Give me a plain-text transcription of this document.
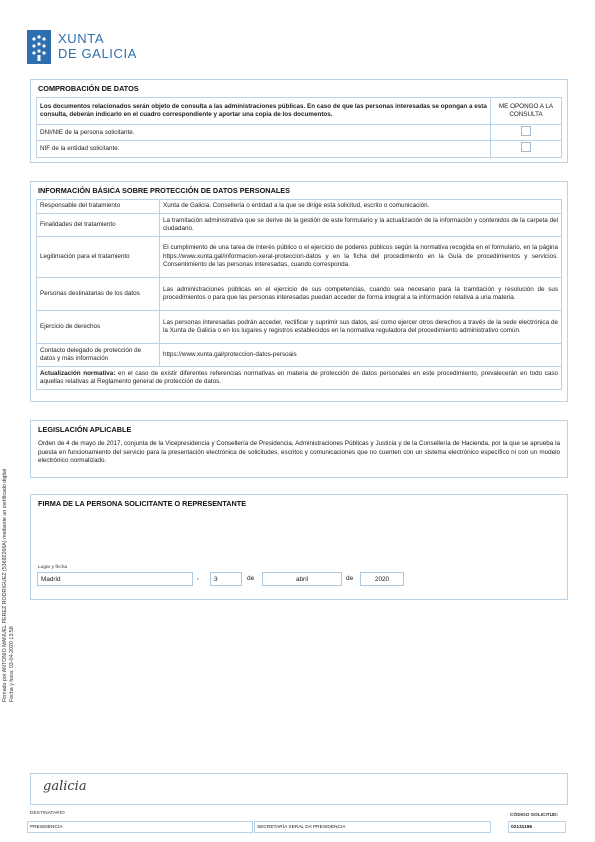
XUNTA
DE GALICIA
Firmado por ANTONIO MANUEL PEREZ RODRIGUEZ (53692266A) mediante un certificado digital Fecha y hora: 03-04-2020 13:58
COMPROBACIÓN DE DATOS
Los documentos relacionados serán objeto de consulta a las administraciones públicas. En caso de que las personas interesadas se opongan a esta consulta, deberán indicarlo en el cuadro correspondiente y aportar una copia de los documentos.	ME OPONGO A LA CONSULTA
DNI/NIE de la persona solicitante.	
NIF de la entidad solicitante.	
INFORMACIÓN BÁSICA SOBRE PROTECCIÓN DE DATOS PERSONALES
Responsable del tratamiento	Xunta de Galicia. Consellería o entidad a la que se dirige esta solicitud, escrito o comunicación.
Finalidades del tratamiento	La tramitación administrativa que se derive de la gestión de este formulario y la actualización de la información y contenidos de la carpeta del ciudadano.
Legitimación para el tratamiento	El cumplimiento de una tarea de interés público o el ejercicio de poderes públicos según la normativa recogida en el formulario, en la página https://www.xunta.gal/informacion-xeral-proteccion-datos y en la ficha del procedimiento en la Guía de procedimientos y servicios. Consentimiento de las personas interesadas, cuando corresponda.
Personas destinatarias de los datos	Las administraciones públicas en el ejercicio de sus competencias, cuando sea necesario para la tramitación y resolución de sus procedimientos o para que las personas interesadas puedan acceder de forma integral a la información relativa a una materia.
Ejercicio de derechos	Las personas interesadas podrán acceder, rectificar y suprimir sus datos, así como ejercer otros derechos a través de la sede electrónica de la Xunta de Galicia o en los lugares y registros establecidos en la normativa reguladora del procedimiento administrativo común.
Contacto delegado de protección de datos y más información	https://www.xunta.gal/proteccion-datos-persoais
Actualización normativa: en el caso de existir diferentes referencias normativas en materia de protección de datos personales en este procedimiento, prevalecerán en todo caso aquellas relativas al Reglamento general de protección de datos.	
LEGISLACIÓN APLICABLE
Orden de 4 de mayo de 2017, conjunta de la Vicepresidencia y Consellería de Presidencia, Administraciones Públicas y Justicia y de la Consellería de Hacienda, por la que se aprueba la puesta en funcionamiento del servicio para la presentación electrónica de solicitudes, escritos y comunicaciones que no cuenten con un sistema electrónico específico ni con un modelo electrónico normalizado.
FIRMA DE LA PERSONA SOLICITANTE O REPRESENTANTE
Lugar y fecha
Madrid	,	3	de	abril	de	2020
galicia
DESTINATARIO
PRESIDENCIA	SECRETARÍA XERAL DA PRESIDENCIA
CÓDIGO SOLICITUD:
02131196
